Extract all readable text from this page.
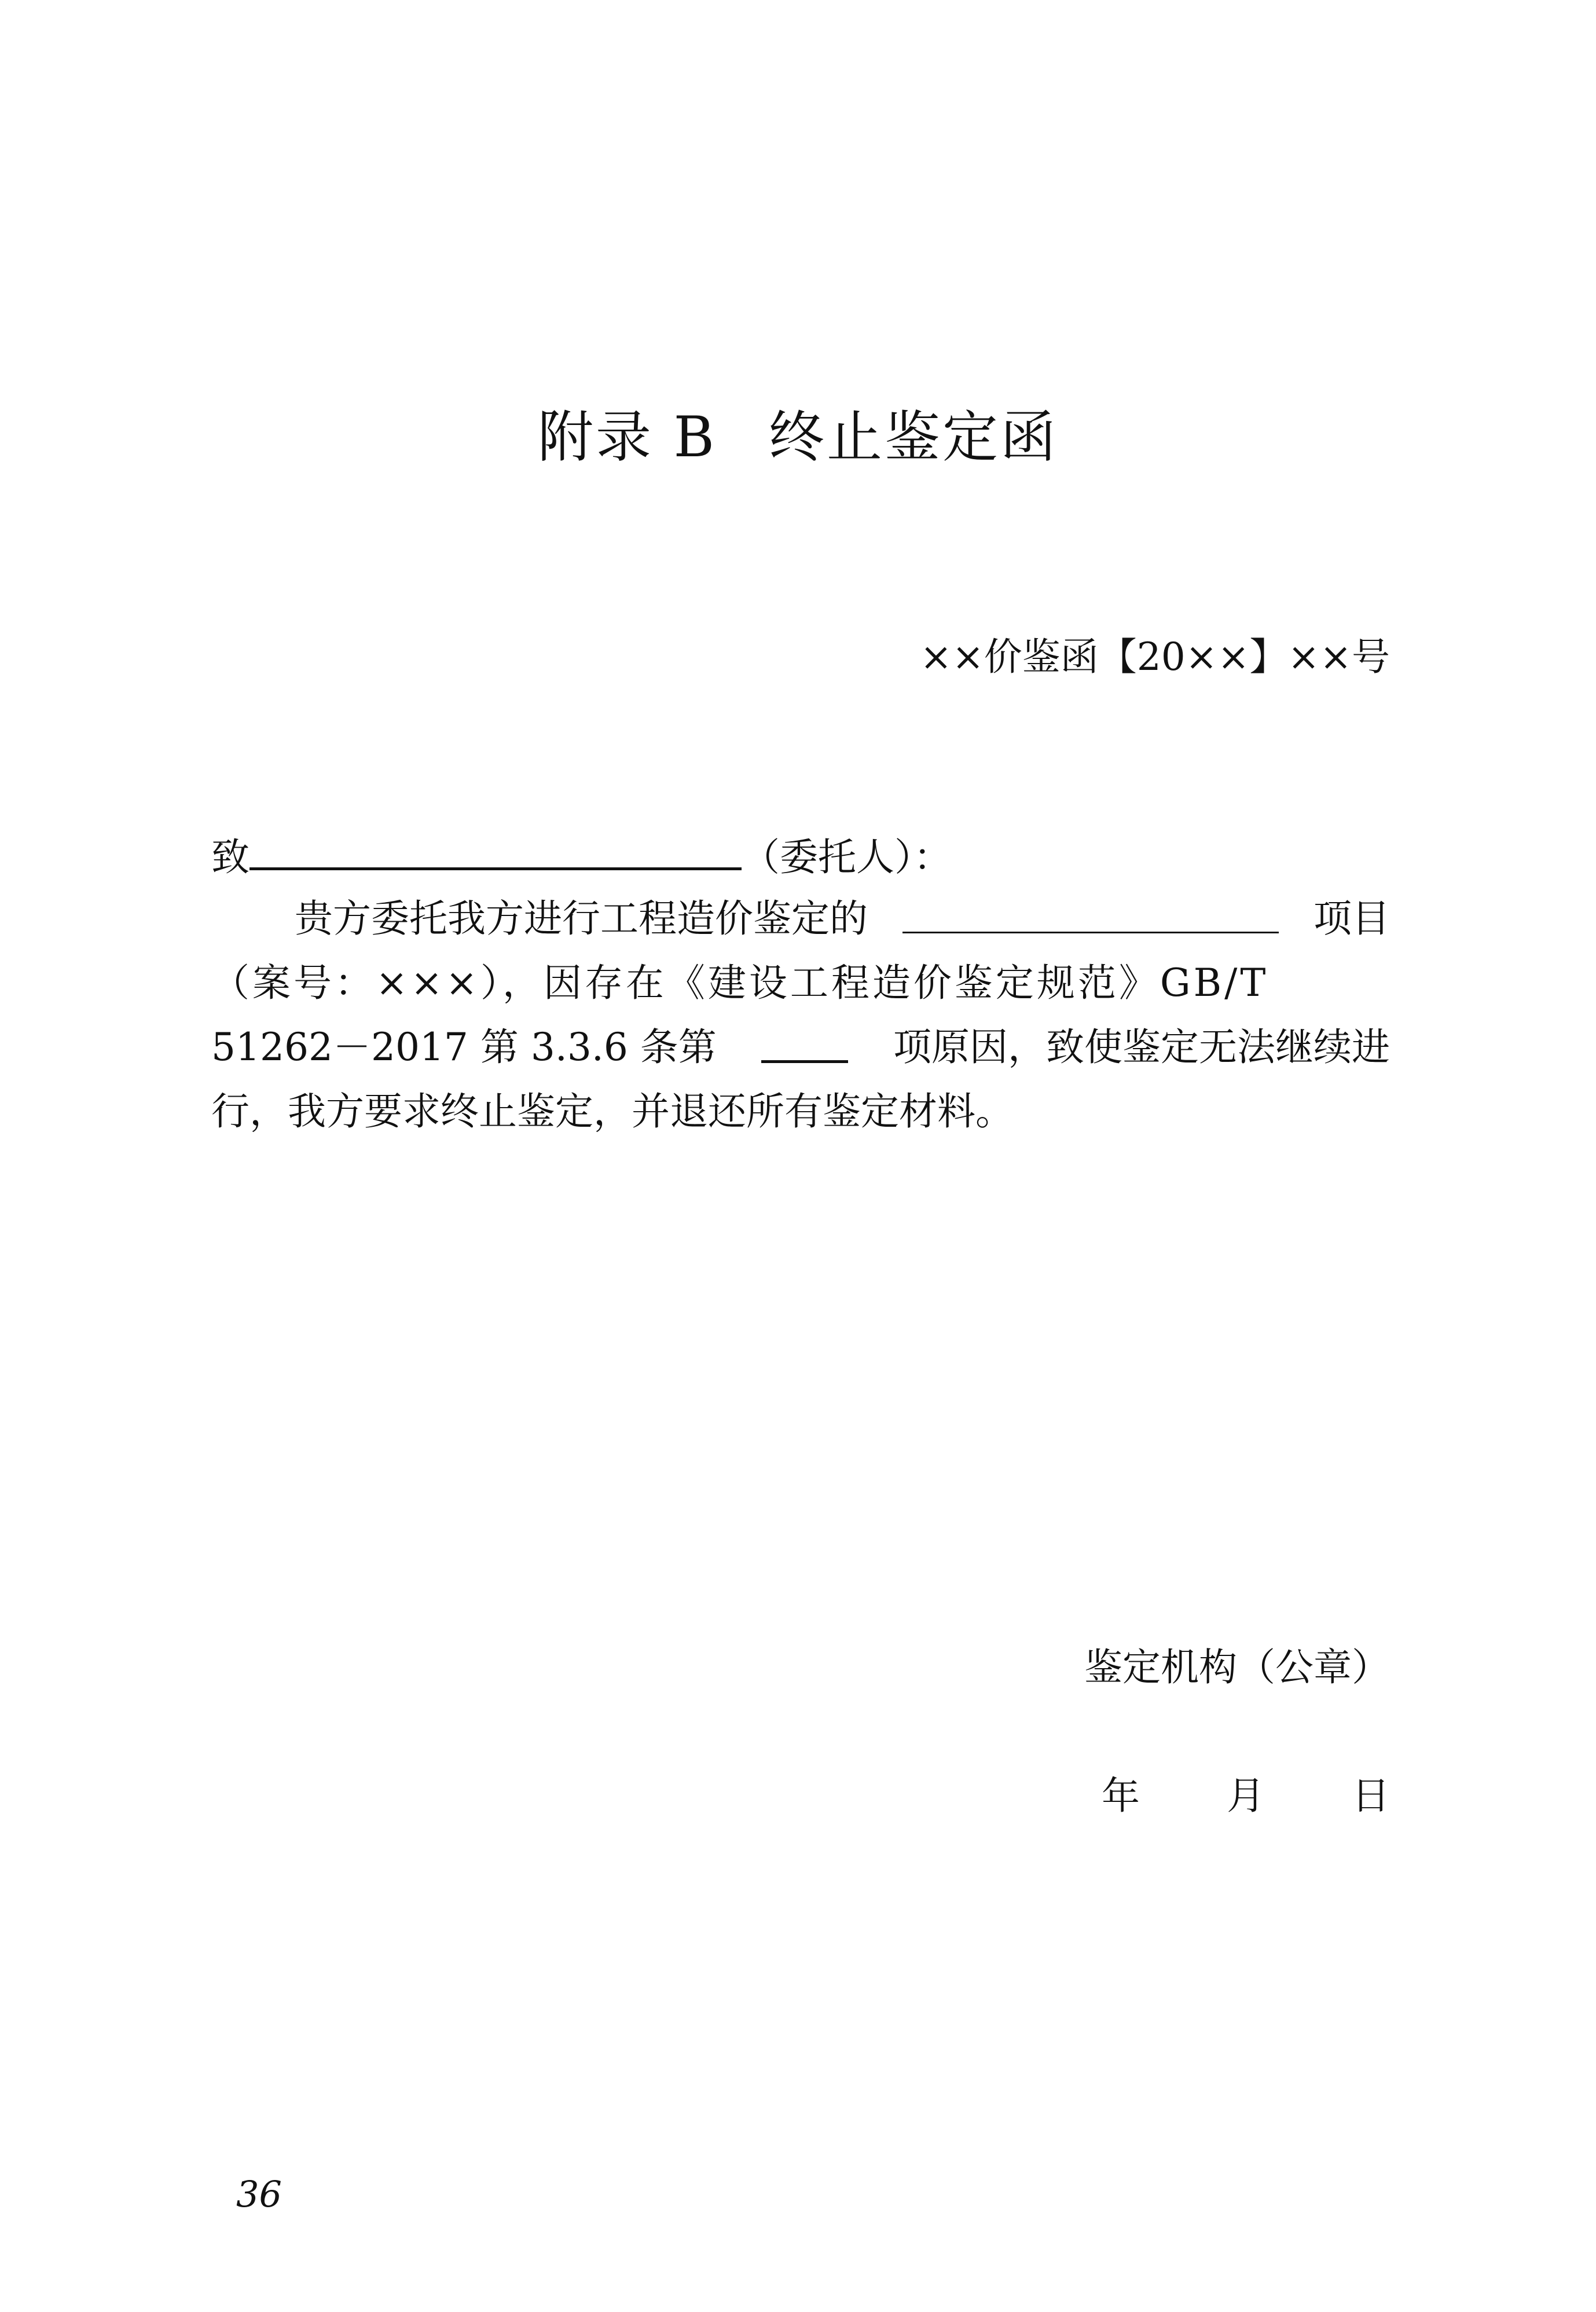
附录 B 终止鉴定函
××价鉴函【20××】××号
致	（委托人）：
贵方委托我方进行工程造价鉴定的	项目
（案号：×××），因存在《建设工程造价鉴定规范》GB/T
51262－2017 第 3.3.6 条第	项原因，致使鉴定无法继续进
行，我方要求终止鉴定，并退还所有鉴定材料。
鉴定机构（公章）
年 月 日
36
